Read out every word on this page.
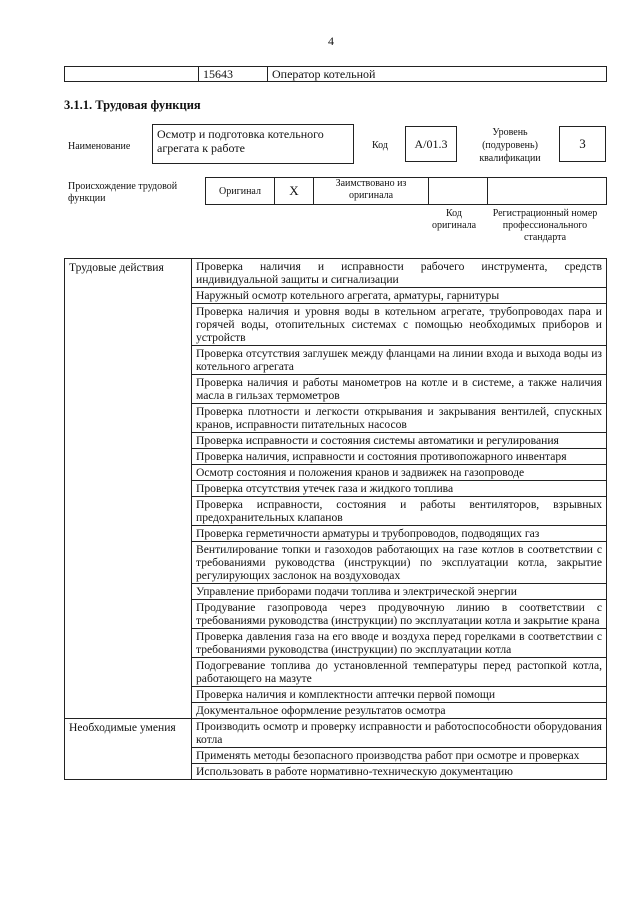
4
	15643	Оператор котельной
3.1.1. Трудовая функция
Наименование
Осмотр и подготовка котельного агрегата к работе	Код	А/01.3
Уровень (подуровень) квалификации
3
Происхождение трудовой функции
Оригинал	Х	Заимствовано из оригинала		
Код оригинала
Регистрационный номер профессионального стандарта
Трудовые действия	Проверка наличия и исправности рабочего инструмента, средств индивидуальной защиты и сигнализации
	Наружный осмотр котельного агрегата, арматуры, гарнитуры
	Проверка наличия и уровня воды в котельном агрегате, трубопроводах пара и горячей воды, отопительных системах с помощью необходимых приборов и устройств
	Проверка отсутствия заглушек между фланцами на линии входа и выхода воды из котельного агрегата
	Проверка наличия и работы манометров на котле и в системе, а также наличия масла в гильзах термометров
	Проверка плотности и легкости открывания и закрывания вентилей, спускных кранов, исправности питательных насосов
	Проверка исправности и состояния системы автоматики и регулирования
	Проверка наличия, исправности и состояния противопожарного инвентаря
	Осмотр состояния и положения кранов и задвижек на газопроводе
	Проверка отсутствия утечек газа и жидкого топлива
	Проверка исправности, состояния и работы вентиляторов, взрывных предохранительных клапанов
	Проверка герметичности арматуры и трубопроводов, подводящих газ
	Вентилирование топки и газоходов работающих на газе котлов в соответствии с требованиями руководства (инструкции) по эксплуатации котла, закрытие регулирующих заслонок на воздуховодах
	Управление приборами подачи топлива и электрической энергии
	Продувание газопровода через продувочную линию в соответствии с требованиями руководства (инструкции) по эксплуатации котла и закрытие крана
	Проверка давления газа на его вводе и воздуха перед горелками в соответствии с требованиями руководства (инструкции) по эксплуатации котла
	Подогревание топлива до установленной температуры перед растопкой котла, работающего на мазуте
	Проверка наличия и комплектности аптечки первой помощи
	Документальное оформление результатов осмотра
Необходимые умения	Производить осмотр и проверку исправности и работоспособности оборудования котла
	Применять методы безопасного производства работ при осмотре и проверках
	Использовать в работе нормативно-техническую документацию
